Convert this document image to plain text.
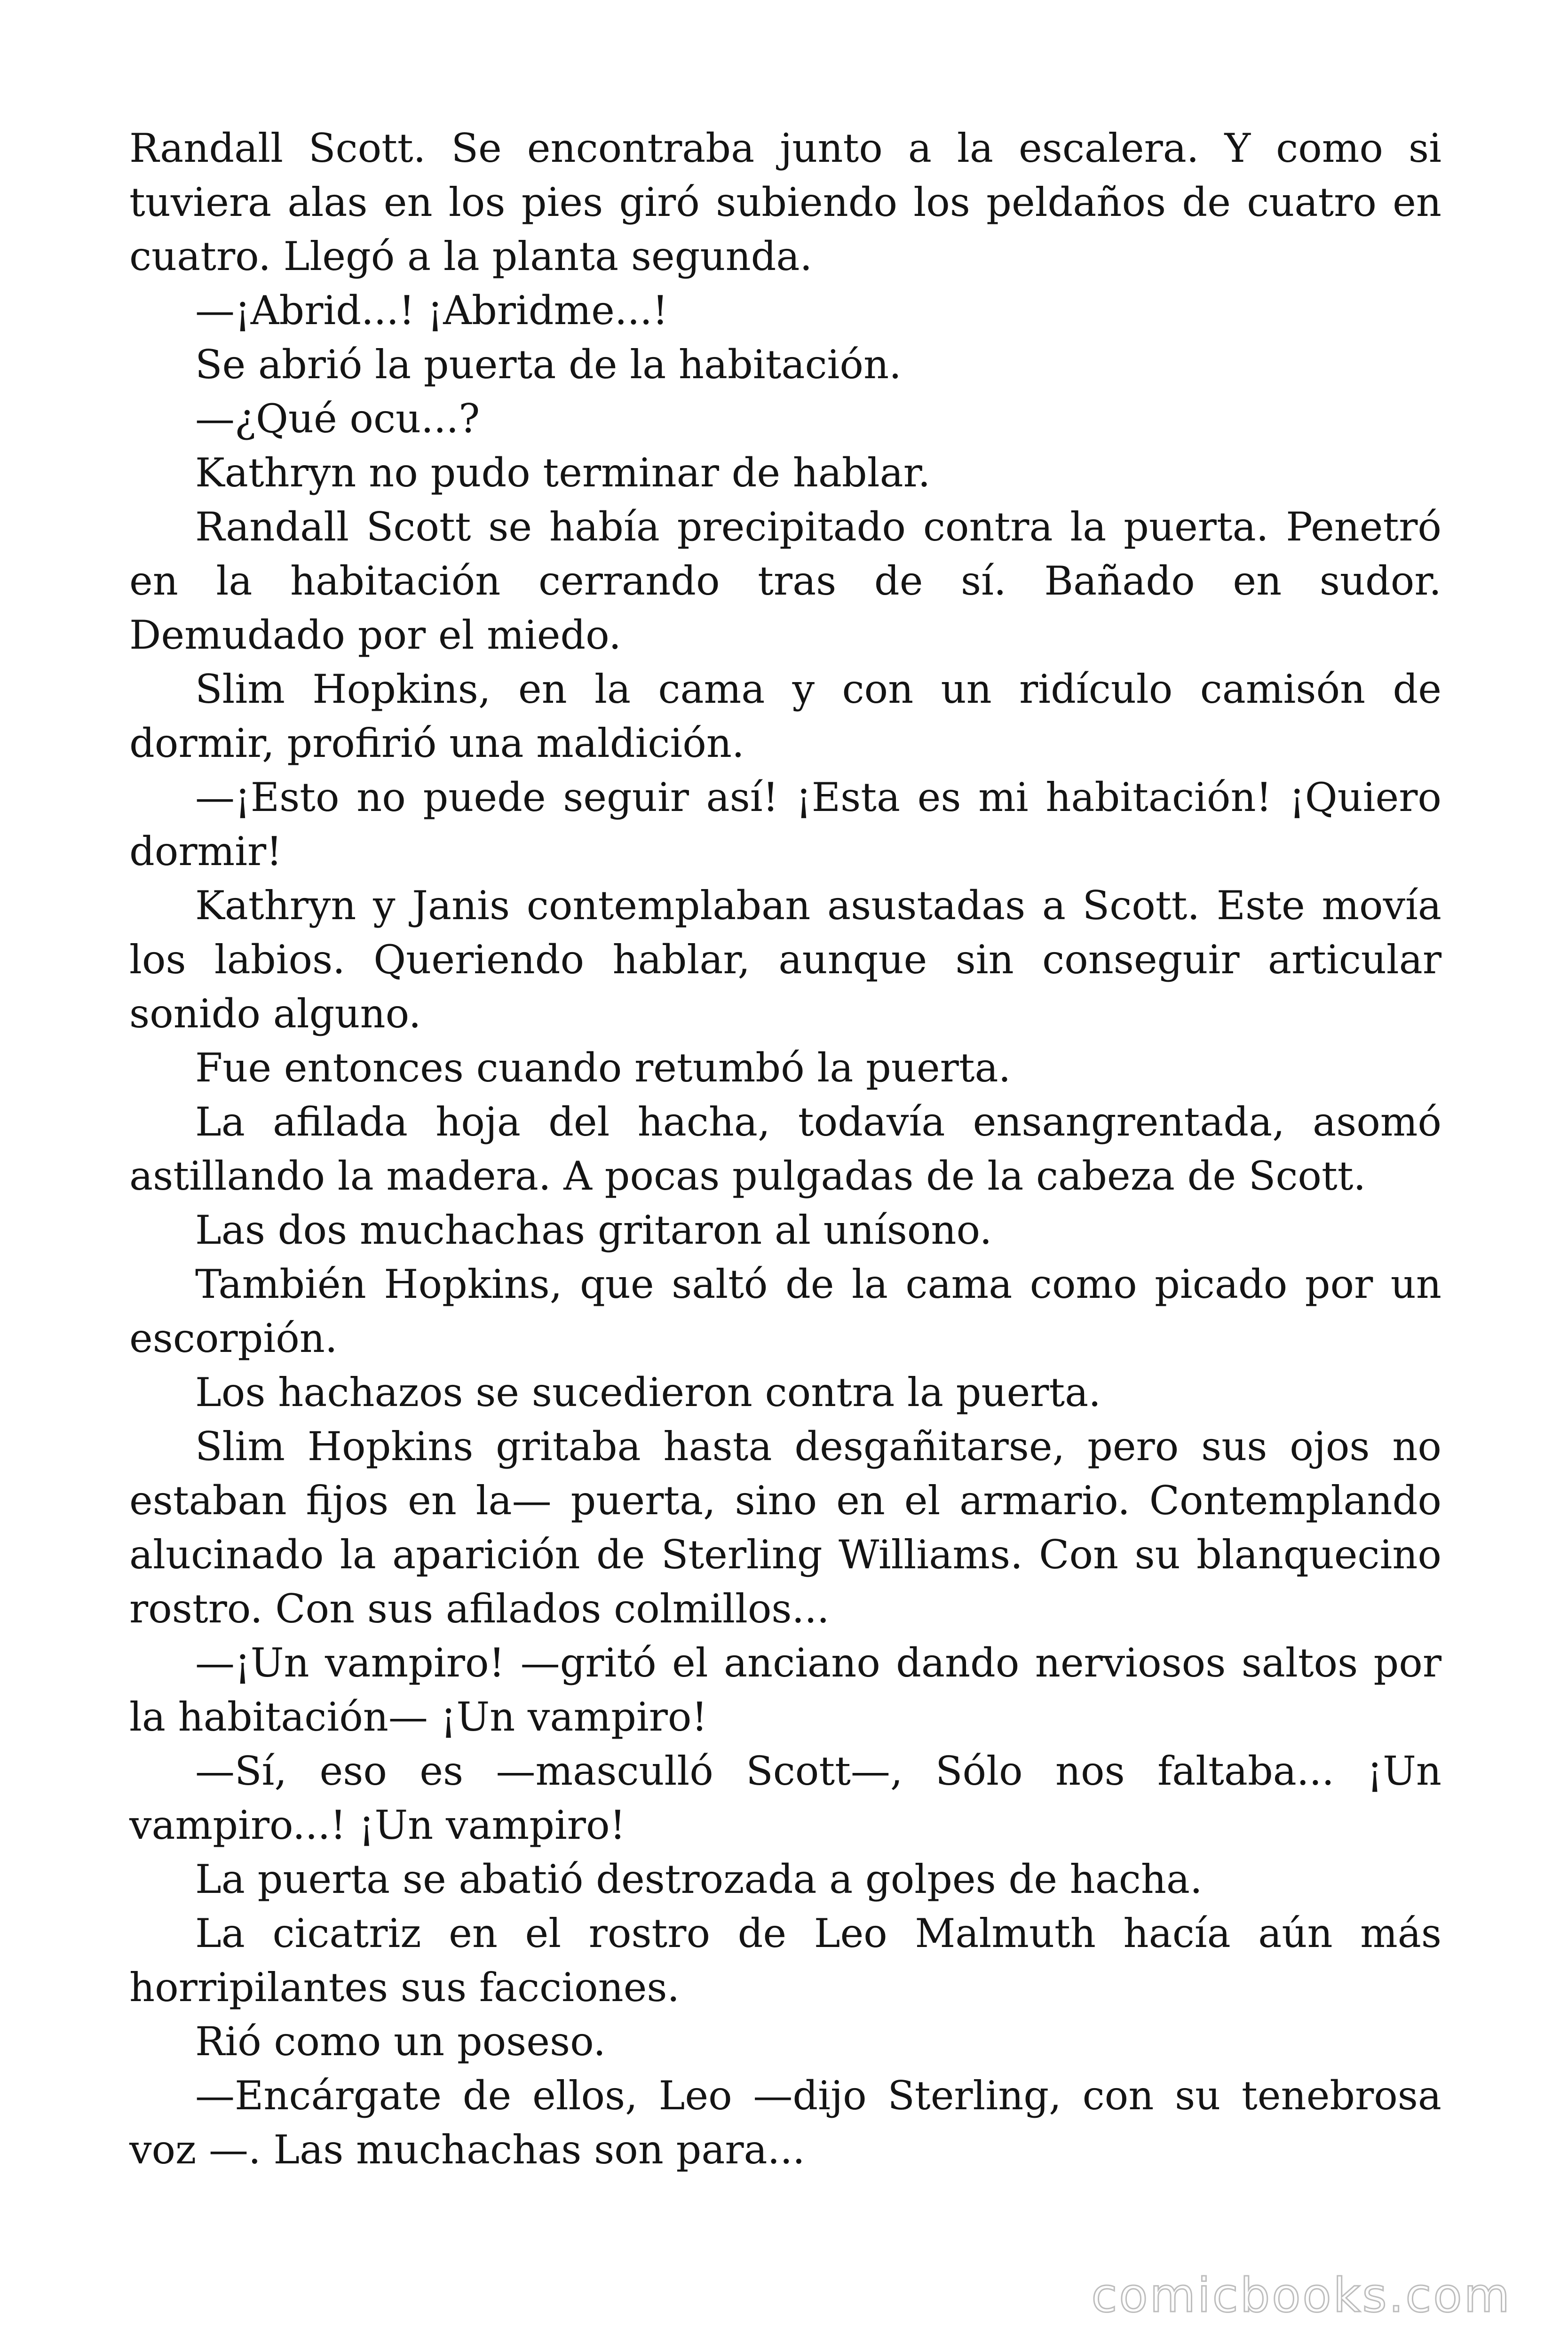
Randall Scott. Se encontraba junto a la escalera. Y como si tuviera alas en los pies giró subiendo los peldaños de cuatro en cuatro. Llegó a la planta segunda.

—¡Abrid...! ¡Abridme...!

Se abrió la puerta de la habitación.

—¿Qué ocu...?

Kathryn no pudo terminar de hablar.

Randall Scott se había precipitado contra la puerta. Penetró en la habitación cerrando tras de sí. Bañado en sudor. Demudado por el miedo.

Slim Hopkins, en la cama y con un ridículo camisón de dormir, profirió una maldición.

—¡Esto no puede seguir así! ¡Esta es mi habitación! ¡Quiero dormir!

Kathryn y Janis contemplaban asustadas a Scott. Este movía los labios. Queriendo hablar, aunque sin conseguir articular sonido alguno.

Fue entonces cuando retumbó la puerta.

La afilada hoja del hacha, todavía ensangrentada, asomó astillando la madera. A pocas pulgadas de la cabeza de Scott.

Las dos muchachas gritaron al unísono.

También Hopkins, que saltó de la cama como picado por un escorpión.

Los hachazos se sucedieron contra la puerta.

Slim Hopkins gritaba hasta desgañitarse, pero sus ojos no estaban fijos en la— puerta, sino en el armario. Contemplando alucinado la aparición de Sterling Williams. Con su blanquecino rostro. Con sus afilados colmillos...

—¡Un vampiro! —gritó el anciano dando nerviosos saltos por la habitación— ¡Un vampiro!

—Sí, eso es —masculló Scott—, Sólo nos faltaba... ¡Un vampiro...! ¡Un vampiro!

La puerta se abatió destrozada a golpes de hacha.

La cicatriz en el rostro de Leo Malmuth hacía aún más horripilantes sus facciones.

Rió como un poseso.

—Encárgate de ellos, Leo —dijo Sterling, con su tenebrosa voz —. Las muchachas son para...

comicbooks.com
